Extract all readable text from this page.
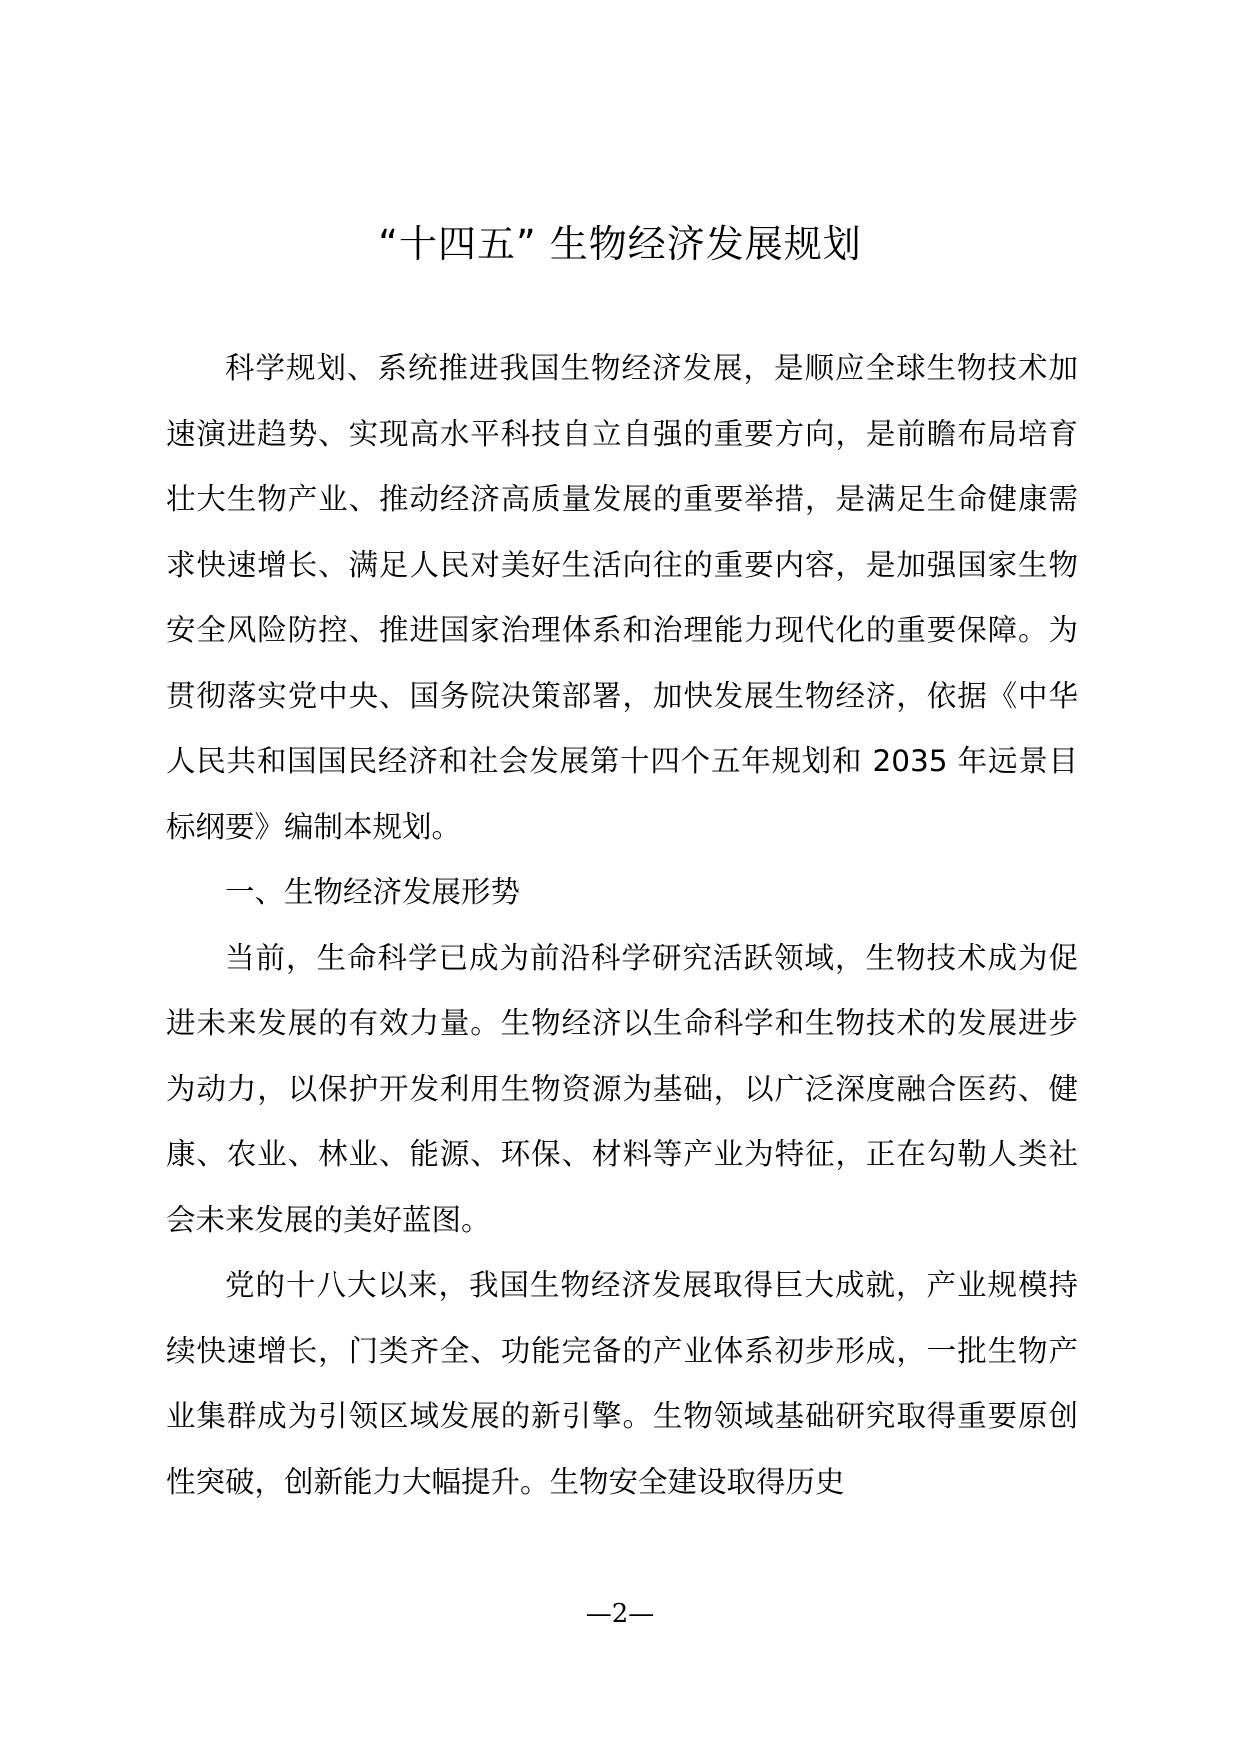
“十四五” 生物经济发展规划

科学规划、系统推进我国生物经济发展，是顺应全球生物技术加速演进趋势、实现高水平科技自立自强的重要方向，是前瞻布局培育壮大生物产业、推动经济高质量发展的重要举措，是满足生命健康需求快速增长、满足人民对美好生活向往的重要内容，是加强国家生物安全风险防控、推进国家治理体系和治理能力现代化的重要保障。为贯彻落实党中央、国务院决策部署，加快发展生物经济，依据《中华人民共和国国民经济和社会发展第十四个五年规划和 2035 年远景目标纲要》编制本规划。

一、生物经济发展形势

当前，生命科学已成为前沿科学研究活跃领域，生物技术成为促进未来发展的有效力量。生物经济以生命科学和生物技术的发展进步为动力，以保护开发利用生物资源为基础，以广泛深度融合医药、健康、农业、林业、能源、环保、材料等产业为特征，正在勾勒人类社会未来发展的美好蓝图。

党的十八大以来，我国生物经济发展取得巨大成就，产业规模持续快速增长，门类齐全、功能完备的产业体系初步形成，一批生物产业集群成为引领区域发展的新引擎。生物领域基础研究取得重要原创性突破，创新能力大幅提升。生物安全建设取得历史

—2—
